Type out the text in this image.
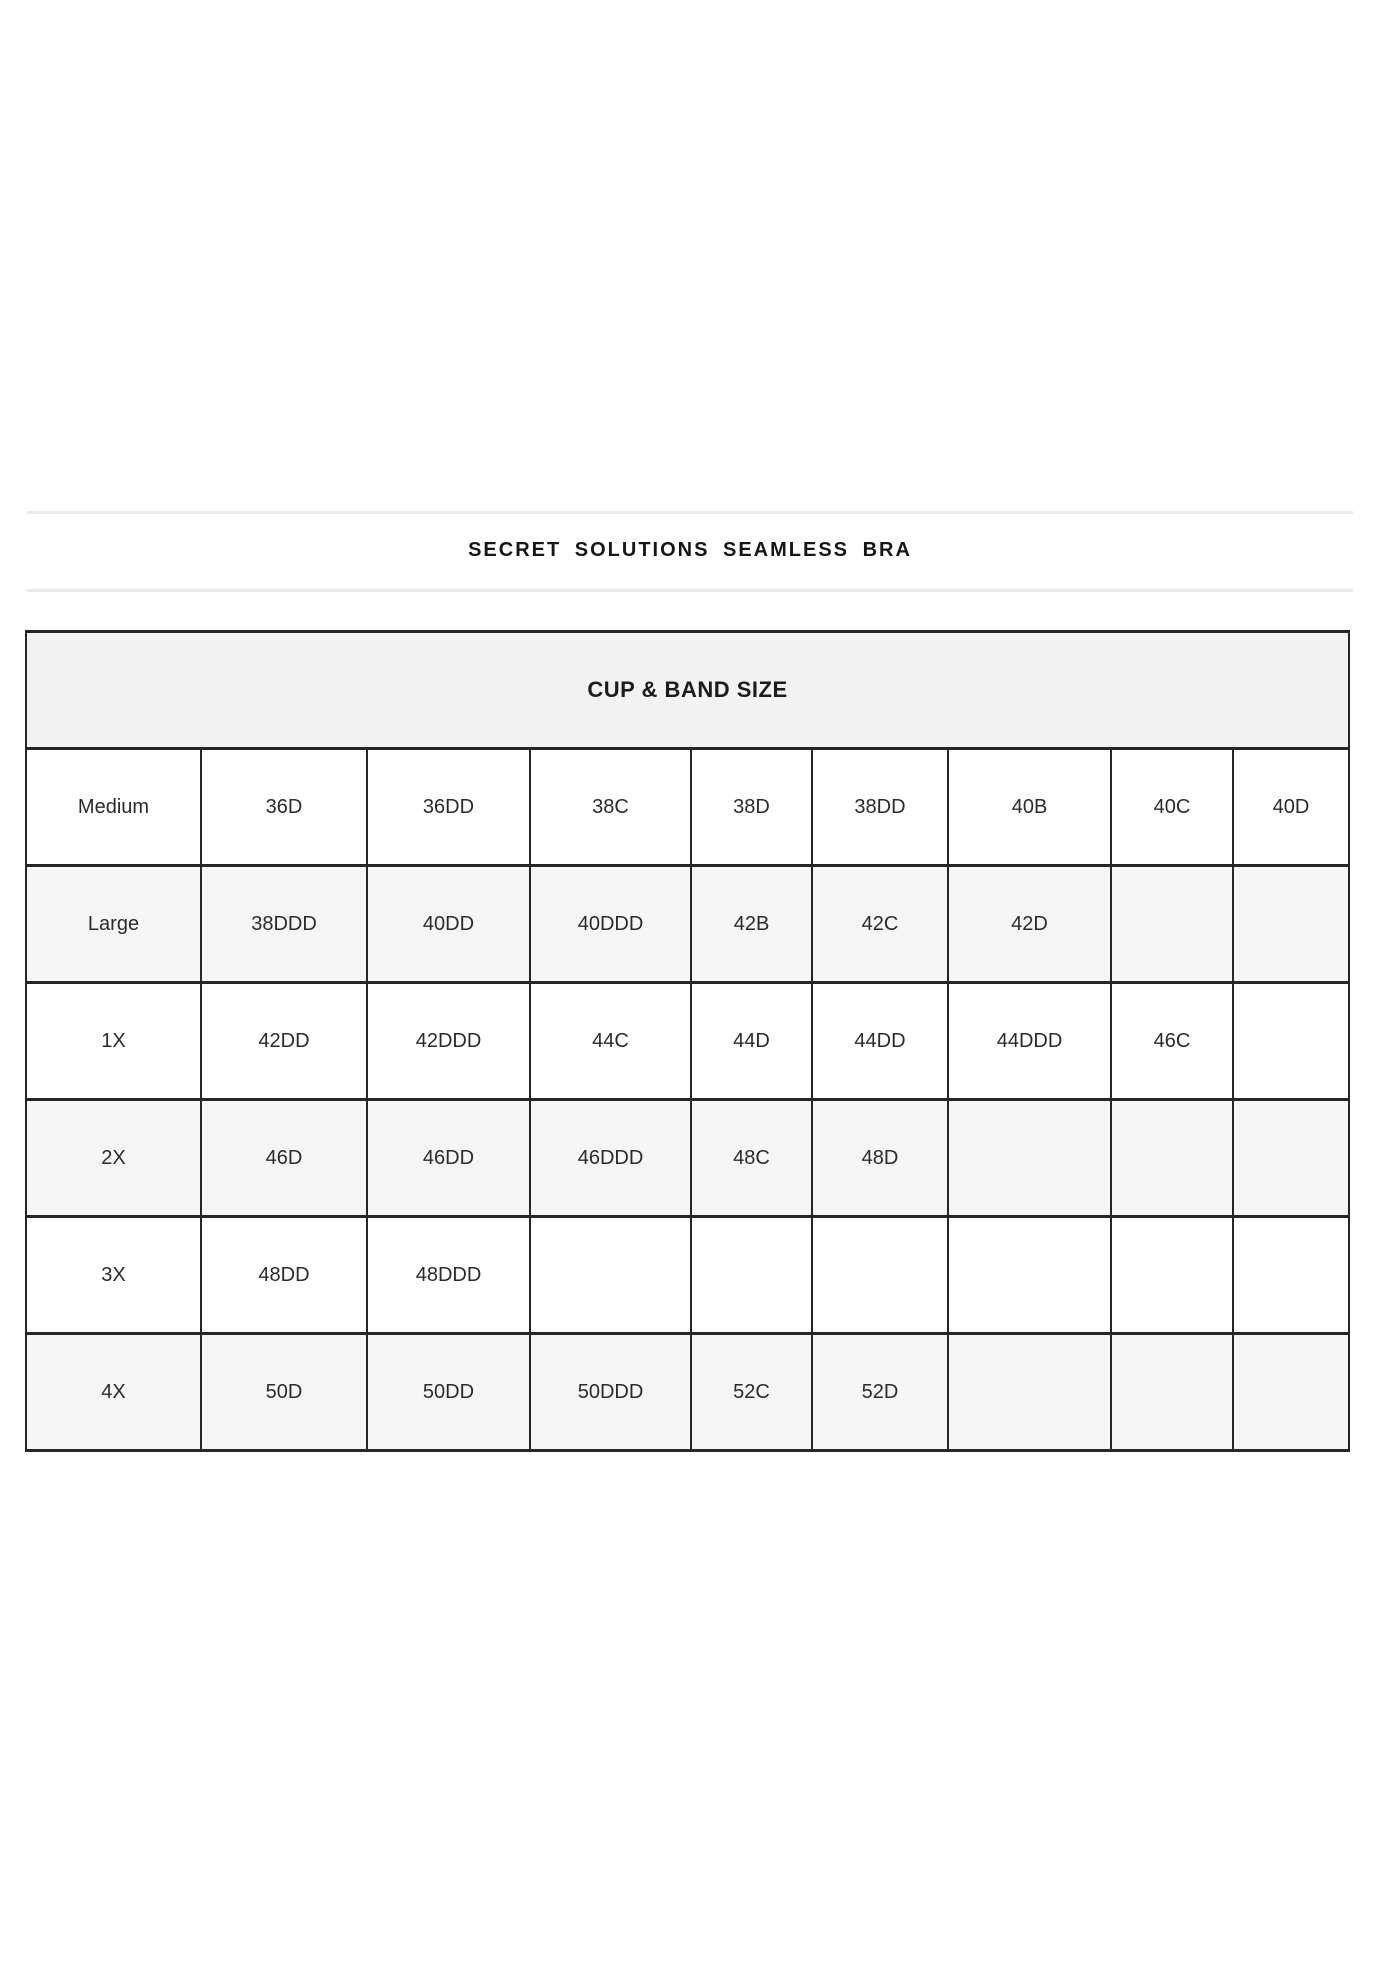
SECRET SOLUTIONS SEAMLESS BRA
CUP & BAND SIZE								
Medium	36D	36DD	38C	38D	38DD	40B	40C	40D
Large	38DDD	40DD	40DDD	42B	42C	42D		
1X	42DD	42DDD	44C	44D	44DD	44DDD	46C	
2X	46D	46DD	46DDD	48C	48D			
3X	48DD	48DDD						
4X	50D	50DD	50DDD	52C	52D			
